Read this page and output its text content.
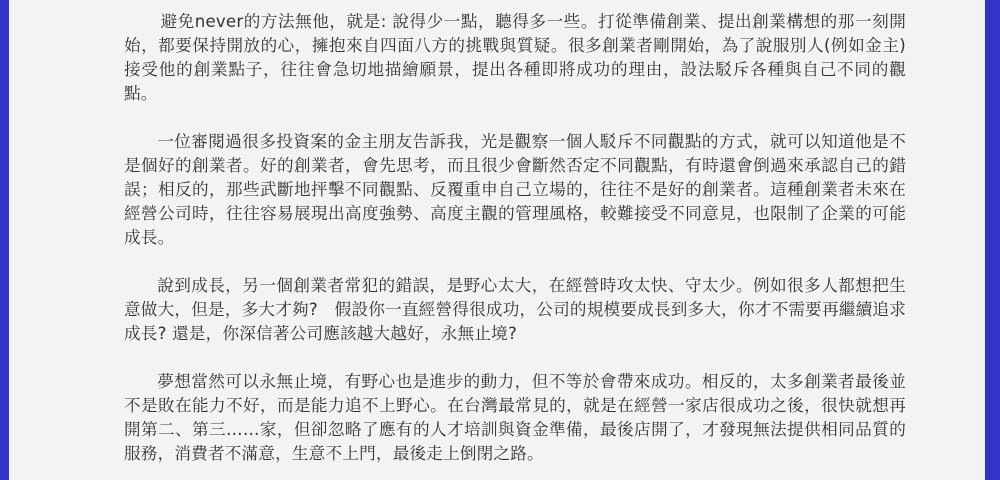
避免never的方法無他，就是: 說得少一點，聽得多一些。打從準備創業、提出創業構想的那一刻開始，都要保持開放的心，擁抱來自四面八方的挑戰與質疑。很多創業者剛開始，為了說服別人(例如金主)接受他的創業點子，往往會急切地描繪願景，提出各種即將成功的理由，設法駁斥各種與自己不同的觀點。

一位審閱過很多投資案的金主朋友告訴我，光是觀察一個人駁斥不同觀點的方式，就可以知道他是不是個好的創業者。好的創業者，會先思考，而且很少會斷然否定不同觀點，有時還會倒過來承認自己的錯誤；相反的，那些武斷地抨擊不同觀點、反覆重申自己立場的，往往不是好的創業者。這種創業者未來在經營公司時，往往容易展現出高度強勢、高度主觀的管理風格，較難接受不同意見，也限制了企業的可能成長。

說到成長，另一個創業者常犯的錯誤，是野心太大，在經營時攻太快、守太少。例如很多人都想把生意做大，但是，多大才夠?　假設你一直經營得很成功，公司的規模要成長到多大，你才不需要再繼續追求成長? 還是，你深信著公司應該越大越好，永無止境?

夢想當然可以永無止境，有野心也是進步的動力，但不等於會帶來成功。相反的，太多創業者最後並不是敗在能力不好，而是能力追不上野心。在台灣最常見的，就是在經營一家店很成功之後，很快就想再開第二、第三……家，但卻忽略了應有的人才培訓與資金準備，最後店開了，才發現無法提供相同品質的服務，消費者不滿意，生意不上門，最後走上倒閉之路。
